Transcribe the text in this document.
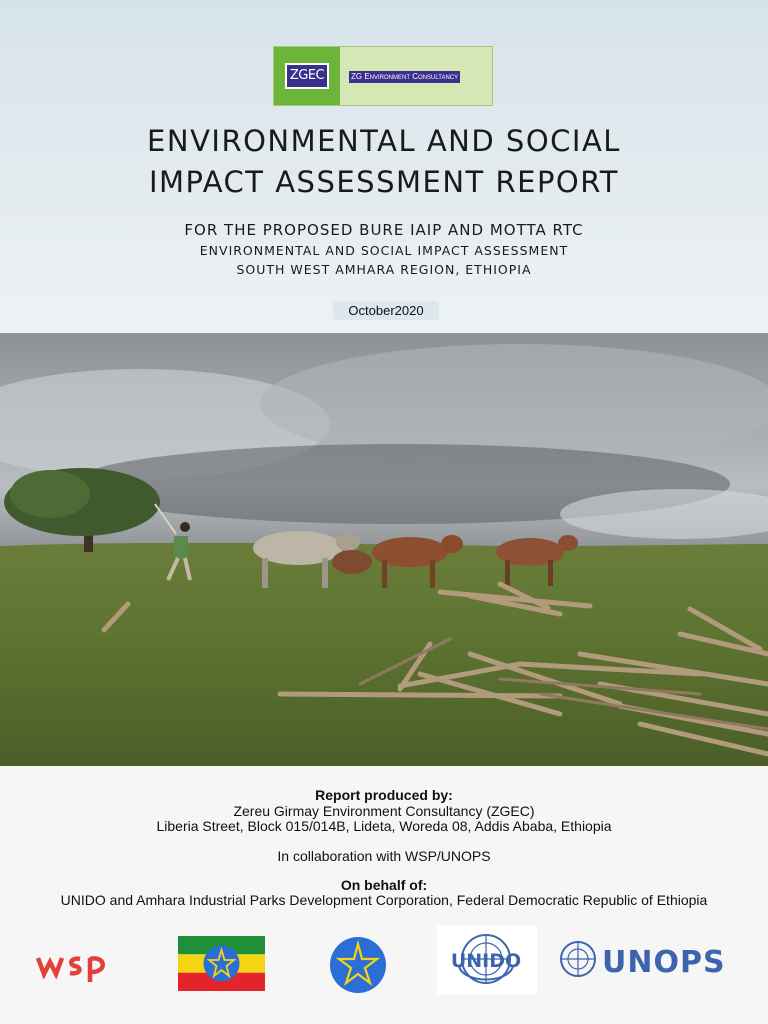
ZGEC	ZG Environment Consultancy
ENVIRONMENTAL AND SOCIAL
IMPACT ASSESSMENT REPORT
FOR THE PROPOSED BURE IAIP AND MOTTA RTC
ENVIRONMENTAL AND SOCIAL IMPACT ASSESSMENT
SOUTH WEST AMHARA REGION, ETHIOPIA
October2020
Report produced by:
Zereu Girmay Environment Consultancy (ZGEC)
Liberia Street, Block 015/014B, Lideta, Woreda 08, Addis Ababa, Ethiopia
In collaboration with WSP/UNOPS
On behalf of:
UNIDO and Amhara Industrial Parks Development Corporation, Federal Democratic Republic of Ethiopia
UNIDO	UNOPS
